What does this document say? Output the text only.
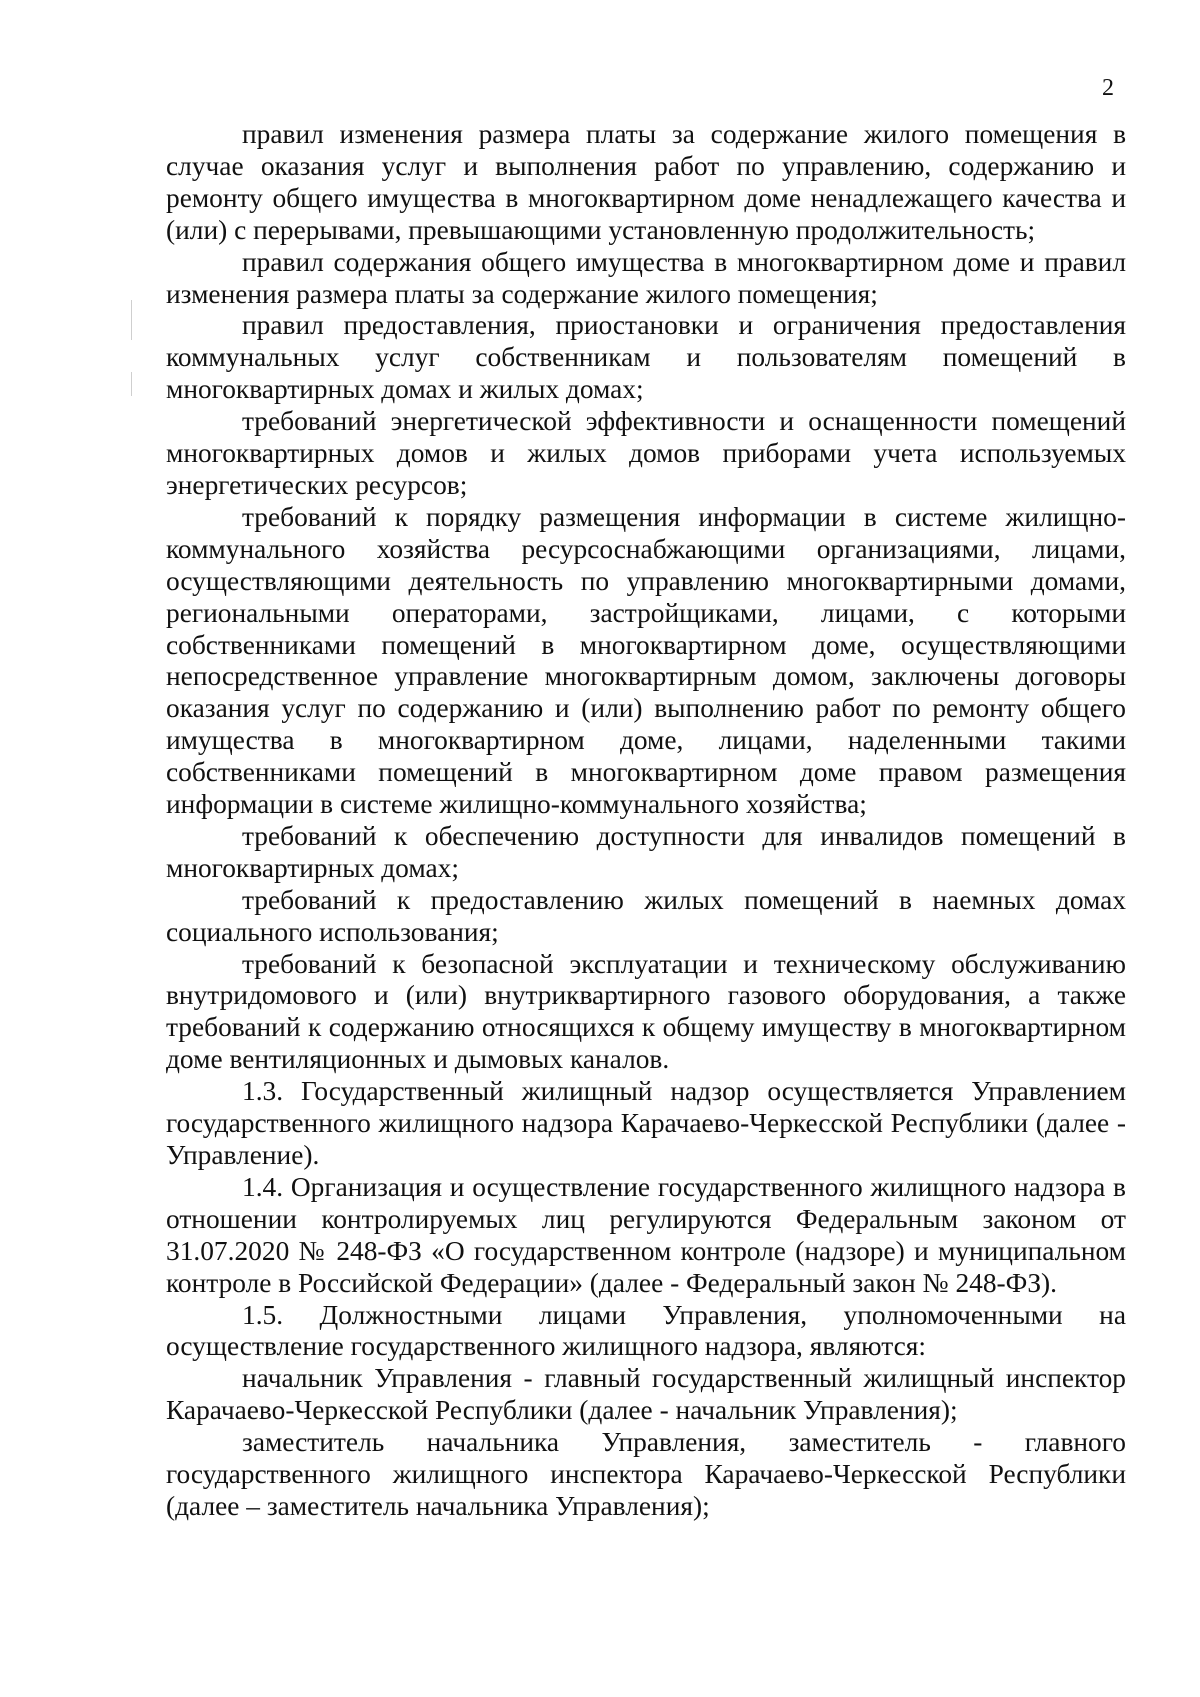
2

правил изменения размера платы за содержание жилого помещения в случае оказания услуг и выполнения работ по управлению, содержанию и ремонту общего имущества в многоквартирном доме ненадлежащего качества и (или) с перерывами, превышающими установленную продолжительность;

правил содержания общего имущества в многоквартирном доме и правил изменения размера платы за содержание жилого помещения;

правил предоставления, приостановки и ограничения предоставления коммунальных услуг собственникам и пользователям помещений в многоквартирных домах и жилых домах;

требований энергетической эффективности и оснащенности помещений многоквартирных домов и жилых домов приборами учета используемых энергетических ресурсов;

требований к порядку размещения информации в системе жилищно-коммунального хозяйства ресурсоснабжающими организациями, лицами, осуществляющими деятельность по управлению многоквартирными домами, региональными операторами, застройщиками, лицами, с которыми собственниками помещений в многоквартирном доме, осуществляющими непосредственное управление многоквартирным домом, заключены договоры оказания услуг по содержанию и (или) выполнению работ по ремонту общего имущества в многоквартирном доме, лицами, наделенными такими собственниками помещений в многоквартирном доме правом размещения информации в системе жилищно-коммунального хозяйства;

требований к обеспечению доступности для инвалидов помещений в многоквартирных домах;

требований к предоставлению жилых помещений в наемных домах социального использования;

требований к безопасной эксплуатации и техническому обслуживанию внутридомового и (или) внутриквартирного газового оборудования, а также требований к содержанию относящихся к общему имуществу в многоквартирном доме вентиляционных и дымовых каналов.

1.3. Государственный жилищный надзор осуществляется Управлением государственного жилищного надзора Карачаево-Черкесской Республики (далее - Управление).

1.4. Организация и осуществление государственного жилищного надзора в отношении контролируемых лиц регулируются Федеральным законом от 31.07.2020 № 248-ФЗ «О государственном контроле (надзоре) и муниципальном контроле в Российской Федерации» (далее - Федеральный закон № 248-ФЗ).

1.5. Должностными лицами Управления, уполномоченными на осуществление государственного жилищного надзора, являются:

начальник Управления - главный государственный жилищный инспектор Карачаево-Черкесской Республики (далее - начальник Управления);

заместитель начальника Управления, заместитель - главного государственного жилищного инспектора Карачаево-Черкесской Республики (далее – заместитель начальника Управления);
